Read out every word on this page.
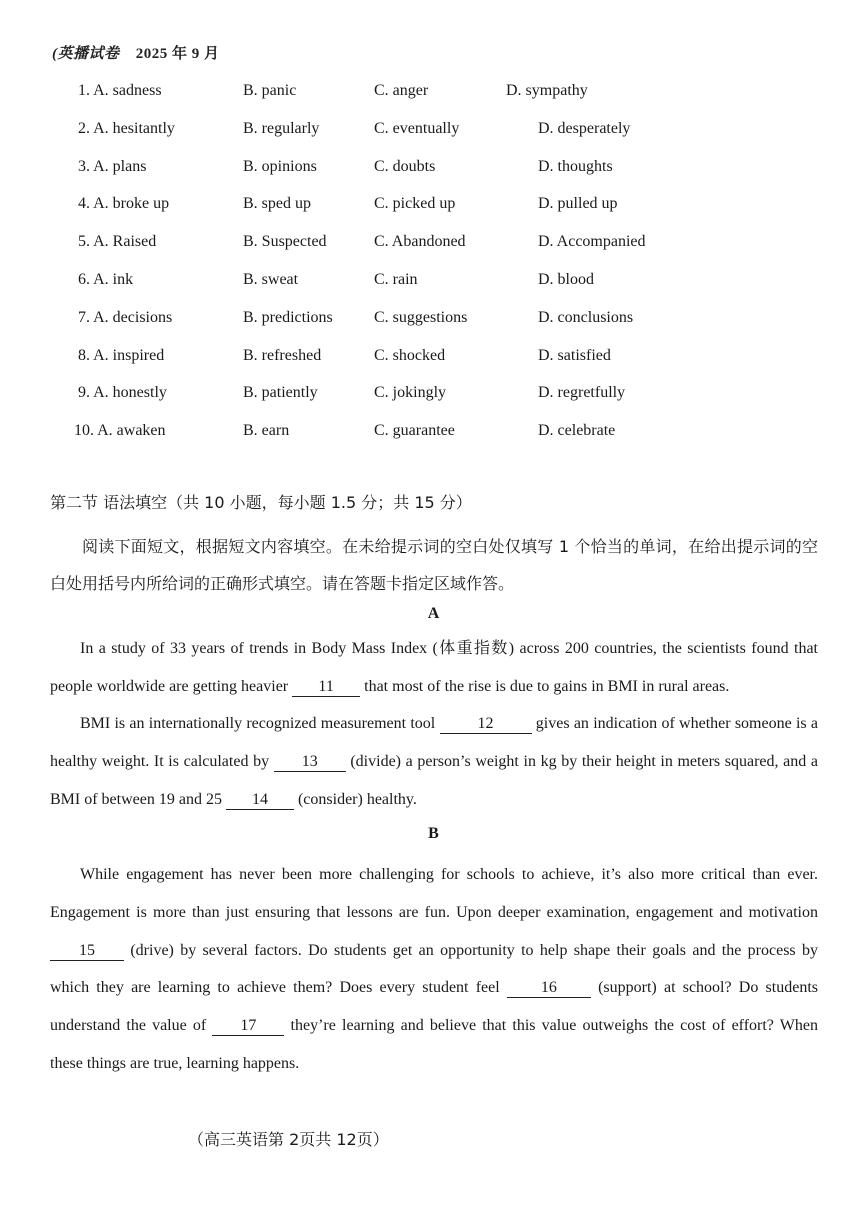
(英播试卷 2025 年 9 月
1. A. sadness	B. panic	C. anger	D. sympathy
2. A. hesitantly	B. regularly	C. eventually	D. desperately
3. A. plans	B. opinions	C. doubts	D. thoughts
4. A. broke up	B. sped up	C. picked up	D. pulled up
5. A. Raised	B. Suspected	C. Abandoned	D. Accompanied
6. A. ink	B. sweat	C. rain	D. blood
7. A. decisions	B. predictions	C. suggestions	D. conclusions
8. A. inspired	B. refreshed	C. shocked	D. satisfied
9. A. honestly	B. patiently	C. jokingly	D. regretfully
10. A. awaken	B. earn	C. guarantee	D. celebrate
第二节 语法填空（共 10 小题，每小题 1.5 分；共 15 分）
阅读下面短文，根据短文内容填空。在未给提示词的空白处仅填写 1 个恰当的单词，在给出提示词的空白处用括号内所给词的正确形式填空。请在答题卡指定区域作答。
A
In a study of 33 years of trends in Body Mass Index (体重指数) across 200 countries, the scientists found that people worldwide are getting heavier 11 that most of the rise is due to gains in BMI in rural areas.
BMI is an internationally recognized measurement tool 12 gives an indication of whether someone is a healthy weight. It is calculated by 13 (divide) a person’s weight in kg by their height in meters squared, and a BMI of between 19 and 25 14 (consider) healthy.
B
While engagement has never been more challenging for schools to achieve, it’s also more critical than ever. Engagement is more than just ensuring that lessons are fun. Upon deeper examination, engagement and motivation 15 (drive) by several factors. Do students get an opportunity to help shape their goals and the process by which they are learning to achieve them? Does every student feel 16 (support) at school? Do students understand the value of 17 they’re learning and believe that this value outweighs the cost of effort? When these things are true, learning happens.
（高三英语第 2页共 12页）
